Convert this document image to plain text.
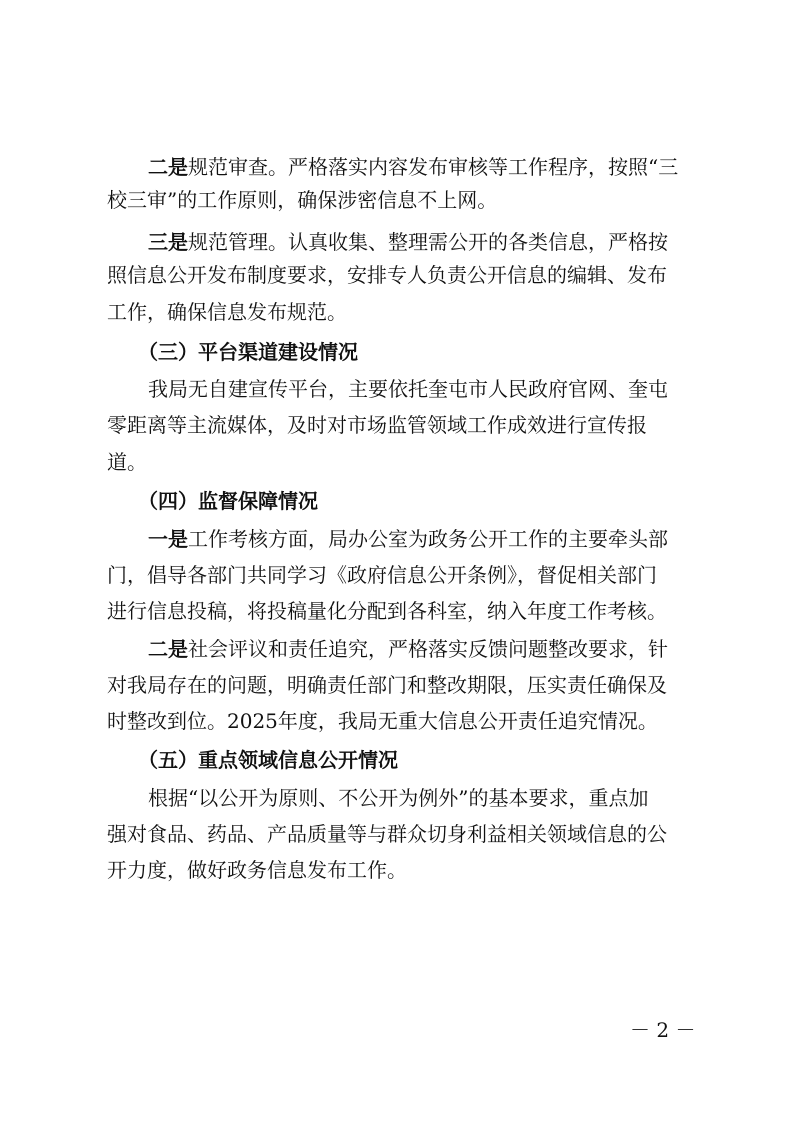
二是规范审查。严格落实内容发布审核等工作程序，按照“三
校三审”的工作原则，确保涉密信息不上网。
三是规范管理。认真收集、整理需公开的各类信息，严格按
照信息公开发布制度要求，安排专人负责公开信息的编辑、发布
工作，确保信息发布规范。
（三）平台渠道建设情况
我局无自建宣传平台，主要依托奎屯市人民政府官网、奎屯
零距离等主流媒体，及时对市场监管领域工作成效进行宣传报
道。
（四）监督保障情况
一是工作考核方面，局办公室为政务公开工作的主要牵头部
门，倡导各部门共同学习《政府信息公开条例》，督促相关部门
进行信息投稿，将投稿量化分配到各科室，纳入年度工作考核。
二是社会评议和责任追究，严格落实反馈问题整改要求，针
对我局存在的问题，明确责任部门和整改期限，压实责任确保及
时整改到位。2025年度，我局无重大信息公开责任追究情况。
（五）重点领域信息公开情况
根据“以公开为原则、不公开为例外”的基本要求，重点加
强对食品、药品、产品质量等与群众切身利益相关领域信息的公
开力度，做好政务信息发布工作。
－ 2 －
